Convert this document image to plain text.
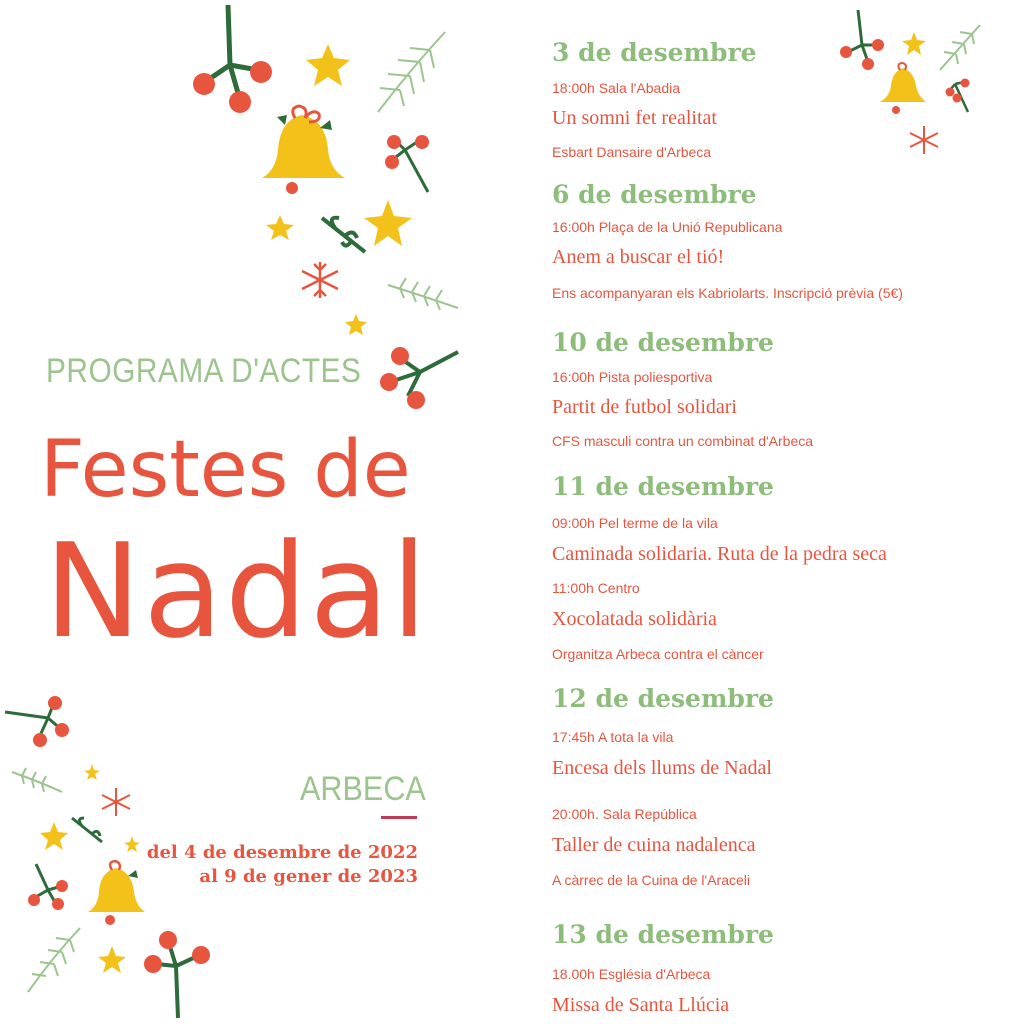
PROGRAMA D'ACTES
Festes de
Nadal
ARBECA
del 4 de desembre de 2022
al 9 de gener de 2023
3 de desembre
18:00h Sala l'Abadia
Un somni fet realitat
Esbart Dansaire d'Arbeca
6 de desembre
16:00h Plaça de la Unió Republicana
Anem a buscar el tió!
Ens acompanyaran els Kabriolarts. Inscripció prèvia (5€)
10 de desembre
16:00h Pista poliesportiva
Partit de futbol solidari
CFS masculi contra un combinat d'Arbeca
11 de desembre
09:00h Pel terme de la vila
Caminada solidaria. Ruta de la pedra seca
11:00h Centro
Xocolatada solidària
Organitza Arbeca contra el càncer
12 de desembre
17:45h A tota la vila
Encesa dels llums de Nadal
20:00h. Sala República
Taller de cuina nadalenca
A càrrec de la Cuina de l'Araceli
13 de desembre
18.00h Església d'Arbeca
Missa de Santa Llúcia
